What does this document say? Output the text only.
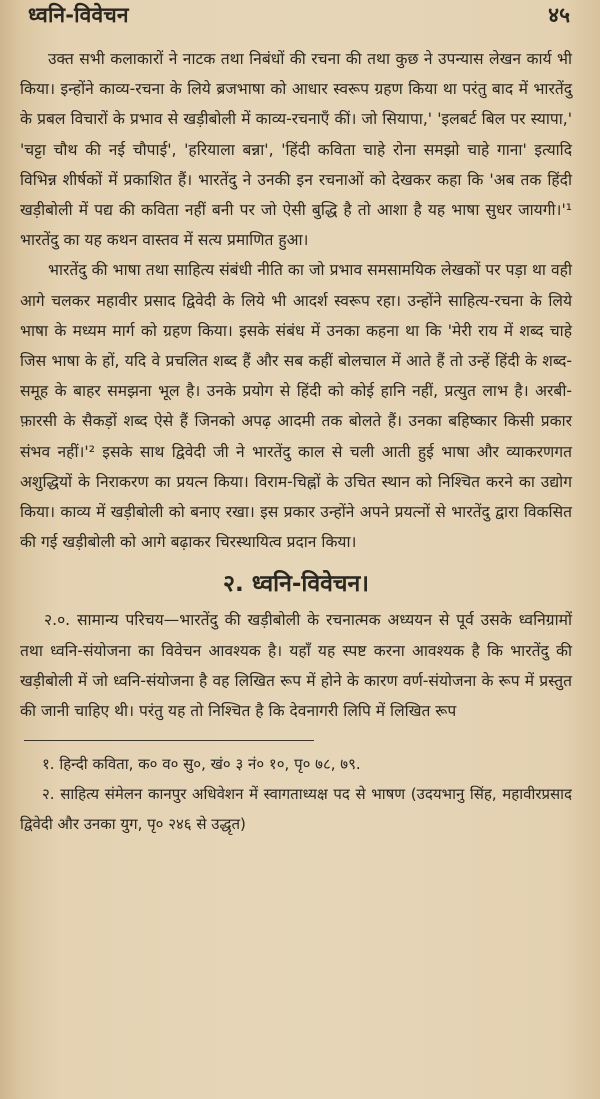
ध्वनि-विवेचन	४५

उक्त सभी कलाकारों ने नाटक तथा निबंधों की रचना की तथा कुछ ने उपन्यास लेखन कार्य भी किया। इन्होंने काव्य-रचना के लिये ब्रजभाषा को आधार स्वरूप ग्रहण किया था परंतु बाद में भारतेंदु के प्रबल विचारों के प्रभाव से खड़ीबोली में काव्य-रचनाएँ कीं। जो सियापा,' 'इलबर्ट बिल पर स्यापा,' 'चट्टा चौथ की नई चौपाई', 'हरियाला बन्ना', 'हिंदी कविता चाहे रोना समझो चाहे गाना' इत्यादि विभिन्न शीर्षकों में प्रकाशित हैं। भारतेंदु ने उनकी इन रचनाओं को देखकर कहा कि 'अब तक हिंदी खड़ीबोली में पद्य की कविता नहीं बनी पर जो ऐसी बुद्धि है तो आशा है यह भाषा सुधर जायगी।'¹ भारतेंदु का यह कथन वास्तव में सत्य प्रमाणित हुआ।

भारतेंदु की भाषा तथा साहित्य संबंधी नीति का जो प्रभाव समसामयिक लेखकों पर पड़ा था वही आगे चलकर महावीर प्रसाद द्विवेदी के लिये भी आदर्श स्वरूप रहा। उन्होंने साहित्य-रचना के लिये भाषा के मध्यम मार्ग को ग्रहण किया। इसके संबंध में उनका कहना था कि 'मेरी राय में शब्द चाहे जिस भाषा के हों, यदि वे प्रचलित शब्द हैं और सब कहीं बोलचाल में आते हैं तो उन्हें हिंदी के शब्द-समूह के बाहर समझना भूल है। उनके प्रयोग से हिंदी को कोई हानि नहीं, प्रत्युत लाभ है। अरबी-फ़ारसी के सैकड़ों शब्द ऐसे हैं जिनको अपढ़ आदमी तक बोलते हैं। उनका बहिष्कार किसी प्रकार संभव नहीं।'² इसके साथ द्विवेदी जी ने भारतेंदु काल से चली आती हुई भाषा और व्याकरणगत अशुद्धियों के निराकरण का प्रयत्न किया। विराम-चिह्नों के उचित स्थान को निश्चित करने का उद्योग किया। काव्य में खड़ीबोली को बनाए रखा। इस प्रकार उन्होंने अपने प्रयत्नों से भारतेंदु द्वारा विकसित की गई खड़ीबोली को आगे बढ़ाकर चिरस्थायित्व प्रदान किया।

२. ध्वनि-विवेचन।

२.०. सामान्य परिचय—भारतेंदु की खड़ीबोली के रचनात्मक अध्ययन से पूर्व उसके ध्वनिग्रामों तथा ध्वनि-संयोजना का विवेचन आवश्यक है। यहाँ यह स्पष्ट करना आवश्यक है कि भारतेंदु की खड़ीबोली में जो ध्वनि-संयोजना है वह लिखित रूप में होने के कारण वर्ण-संयोजना के रूप में प्रस्तुत की जानी चाहिए थी। परंतु यह तो निश्चित है कि देवनागरी लिपि में लिखित रूप

१. हिन्दी कविता, क० व० सु०, खं० ३ नं० १०, पृ० ७८, ७९.

२. साहित्य संमेलन कानपुर अधिवेशन में स्वागताध्यक्ष पद से भाषण (उदयभानु सिंह, महावीरप्रसाद द्विवेदी और उनका युग, पृ० २४६ से उद्धृत)
